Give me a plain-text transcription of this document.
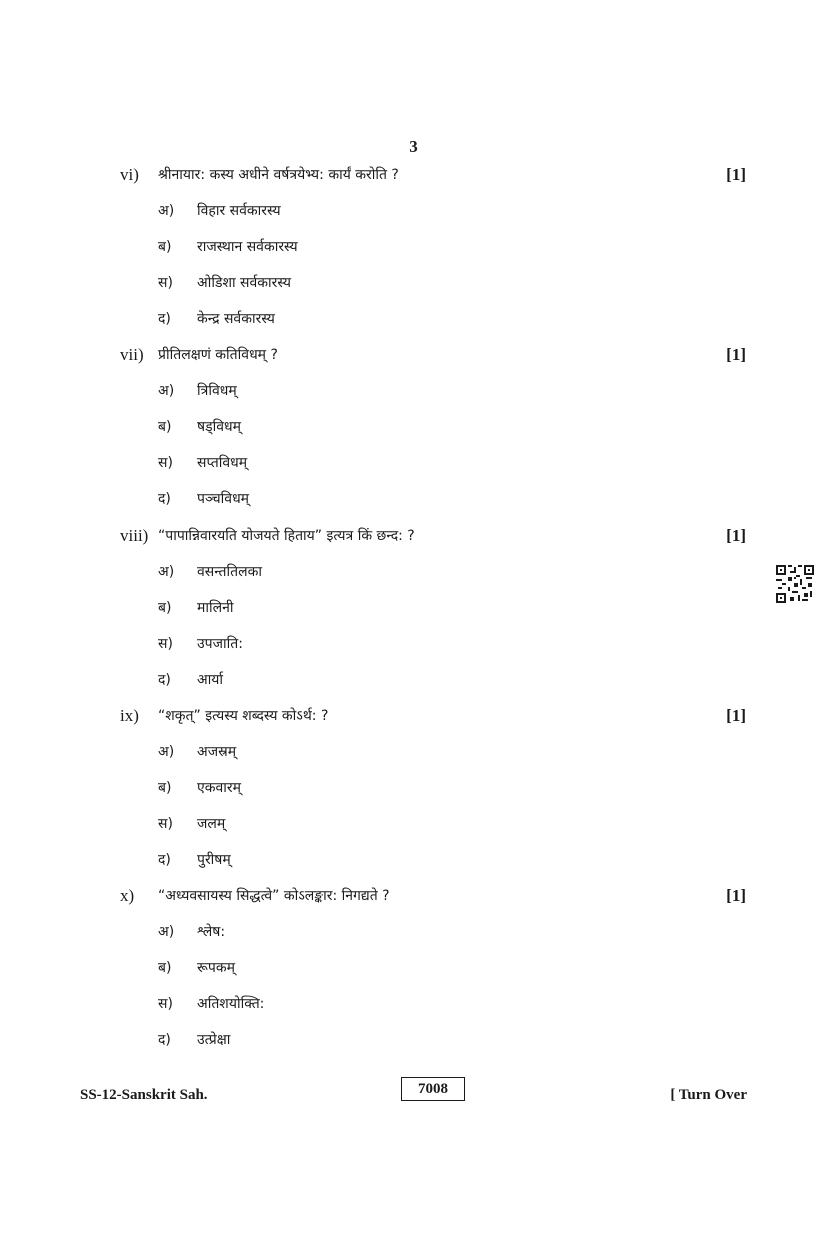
3
vi) श्रीनायार: कस्य अधीने वर्षत्रयेभ्य: कार्यं करोति ?	[1]
अ) विहार सर्वकारस्य
ब) राजस्थान सर्वकारस्य
स) ओडिशा सर्वकारस्य
द) केन्द्र सर्वकारस्य
vii) प्रीतिलक्षणं कतिविधम् ?	[1]
अ) त्रिविधम्
ब) षड्विधम्
स) सप्तविधम्
द) पञ्चविधम्
viii) “पापान्निवारयति योजयते हिताय” इत्यत्र किं छन्द: ?	[1]
अ) वसन्ततिलका
ब) मालिनी
स) उपजाति:
द) आर्या
ix) “शकृत्” इत्यस्य शब्दस्य कोऽर्थ: ?	[1]
अ) अजस्रम्
ब) एकवारम्
स) जलम्
द) पुरीषम्
x) “अध्यवसायस्य सिद्धत्वे” कोऽलङ्कार: निगद्यते ?	[1]
अ) श्लेष:
ब) रूपकम्
स) अतिशयोक्ति:
द) उत्प्रेक्षा
SS-12-Sanskrit Sah.	7008	[ Turn Over
